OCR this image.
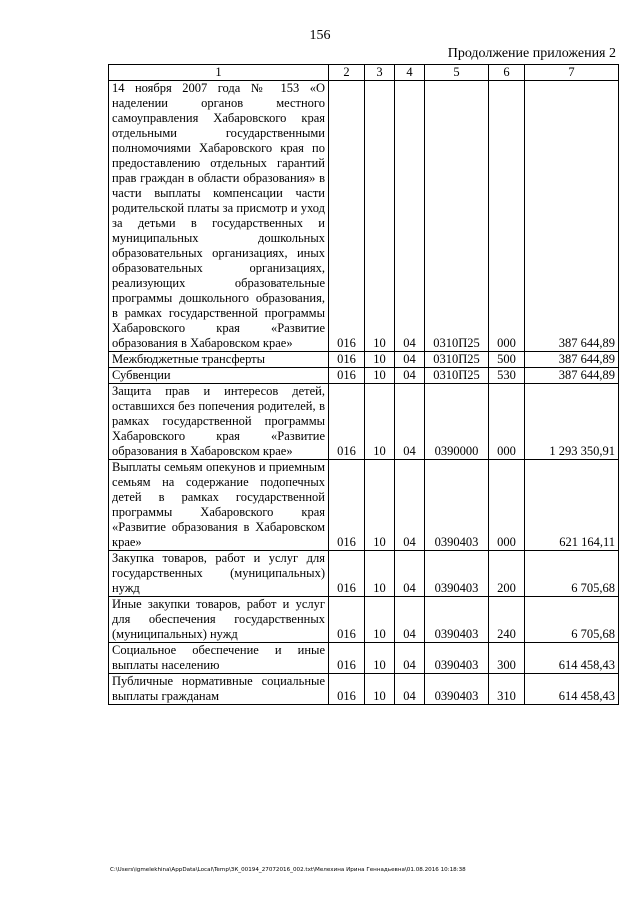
156
Продолжение приложения 2
1	2	3	4	5	6	7
14 ноября 2007 года № 153 «О наделении органов местного самоуправления Хабаровского края отдельными государственными полномочиями Хабаровского края по предоставлению отдельных гарантий прав граждан в области образования» в части выплаты компенсации части родительской платы за присмотр и уход за детьми в государственных и муниципальных дошкольных образовательных организациях, иных образовательных организациях, реализующих образовательные программы дошкольного образования, в рамках государственной программы Хабаровского края «Развитие образования в Хабаровском крае»	016	10	04	0310П25	000	387 644,89
Межбюджетные трансферты	016	10	04	0310П25	500	387 644,89
Субвенции	016	10	04	0310П25	530	387 644,89
Защита прав и интересов детей, оставшихся без попечения родителей, в рамках государственной программы Хабаровского края «Развитие образования в Хабаровском крае»	016	10	04	0390000	000	1 293 350,91
Выплаты семьям опекунов и приемным семьям на содержание подопечных детей в рамках государственной программы Хабаровского края «Развитие образования в Хабаровском крае»	016	10	04	0390403	000	621 164,11
Закупка товаров, работ и услуг для государственных (муниципальных) нужд	016	10	04	0390403	200	6 705,68
Иные закупки товаров, работ и услуг для обеспечения государственных (муниципальных) нужд	016	10	04	0390403	240	6 705,68
Социальное обеспечение и иные выплаты населению	016	10	04	0390403	300	614 458,43
Публичные нормативные социальные выплаты гражданам	016	10	04	0390403	310	614 458,43
C:\Users\igmelekhina\AppData\Local\Temp\ЗК_00194_27072016_002.txt\Мелехина Ирина Геннадьевна\01.08.2016 10:18:38
